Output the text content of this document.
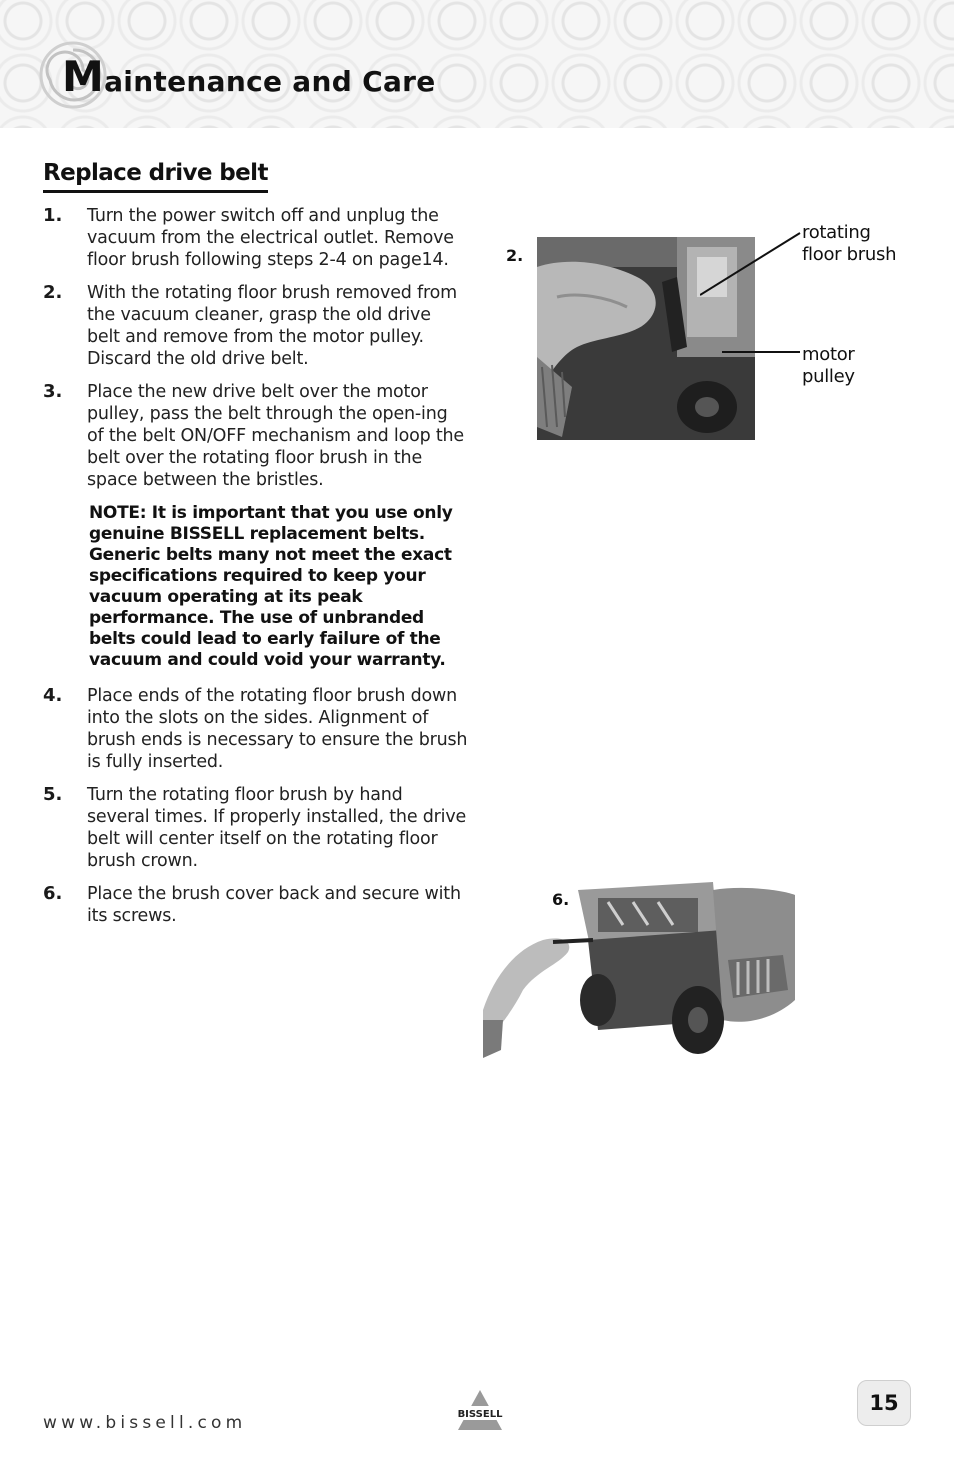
Maintenance and Care
Replace drive belt
1. Turn the power switch off and unplug the vacuum from the electrical outlet. Remove floor brush following steps 2-4 on page14.
2. With the rotating floor brush removed from the vacuum cleaner, grasp the old drive belt and remove from the motor pulley. Discard the old drive belt.
3. Place the new drive belt over the motor pulley, pass the belt through the open-ing of the belt ON/OFF mechanism and loop the belt over the rotating floor brush in the space between the bristles.
NOTE: It is important that you use only genuine BISSELL replacement belts. Generic belts many not meet the exact specifications required to keep your vacuum operating at its peak performance. The use of unbranded belts could lead to early failure of the vacuum and could void your warranty.
4. Place ends of the rotating floor brush down into the slots on the sides. Alignment of brush ends is necessary to ensure the brush is fully inserted.
5. Turn the rotating floor brush by hand several times. If properly installed, the drive belt will center itself on the rotating floor brush crown.
6. Place the brush cover back and secure with its screws.
2.
rotating
floor brush
motor
pulley
6.
www.bissell.com	BISSELL	15
